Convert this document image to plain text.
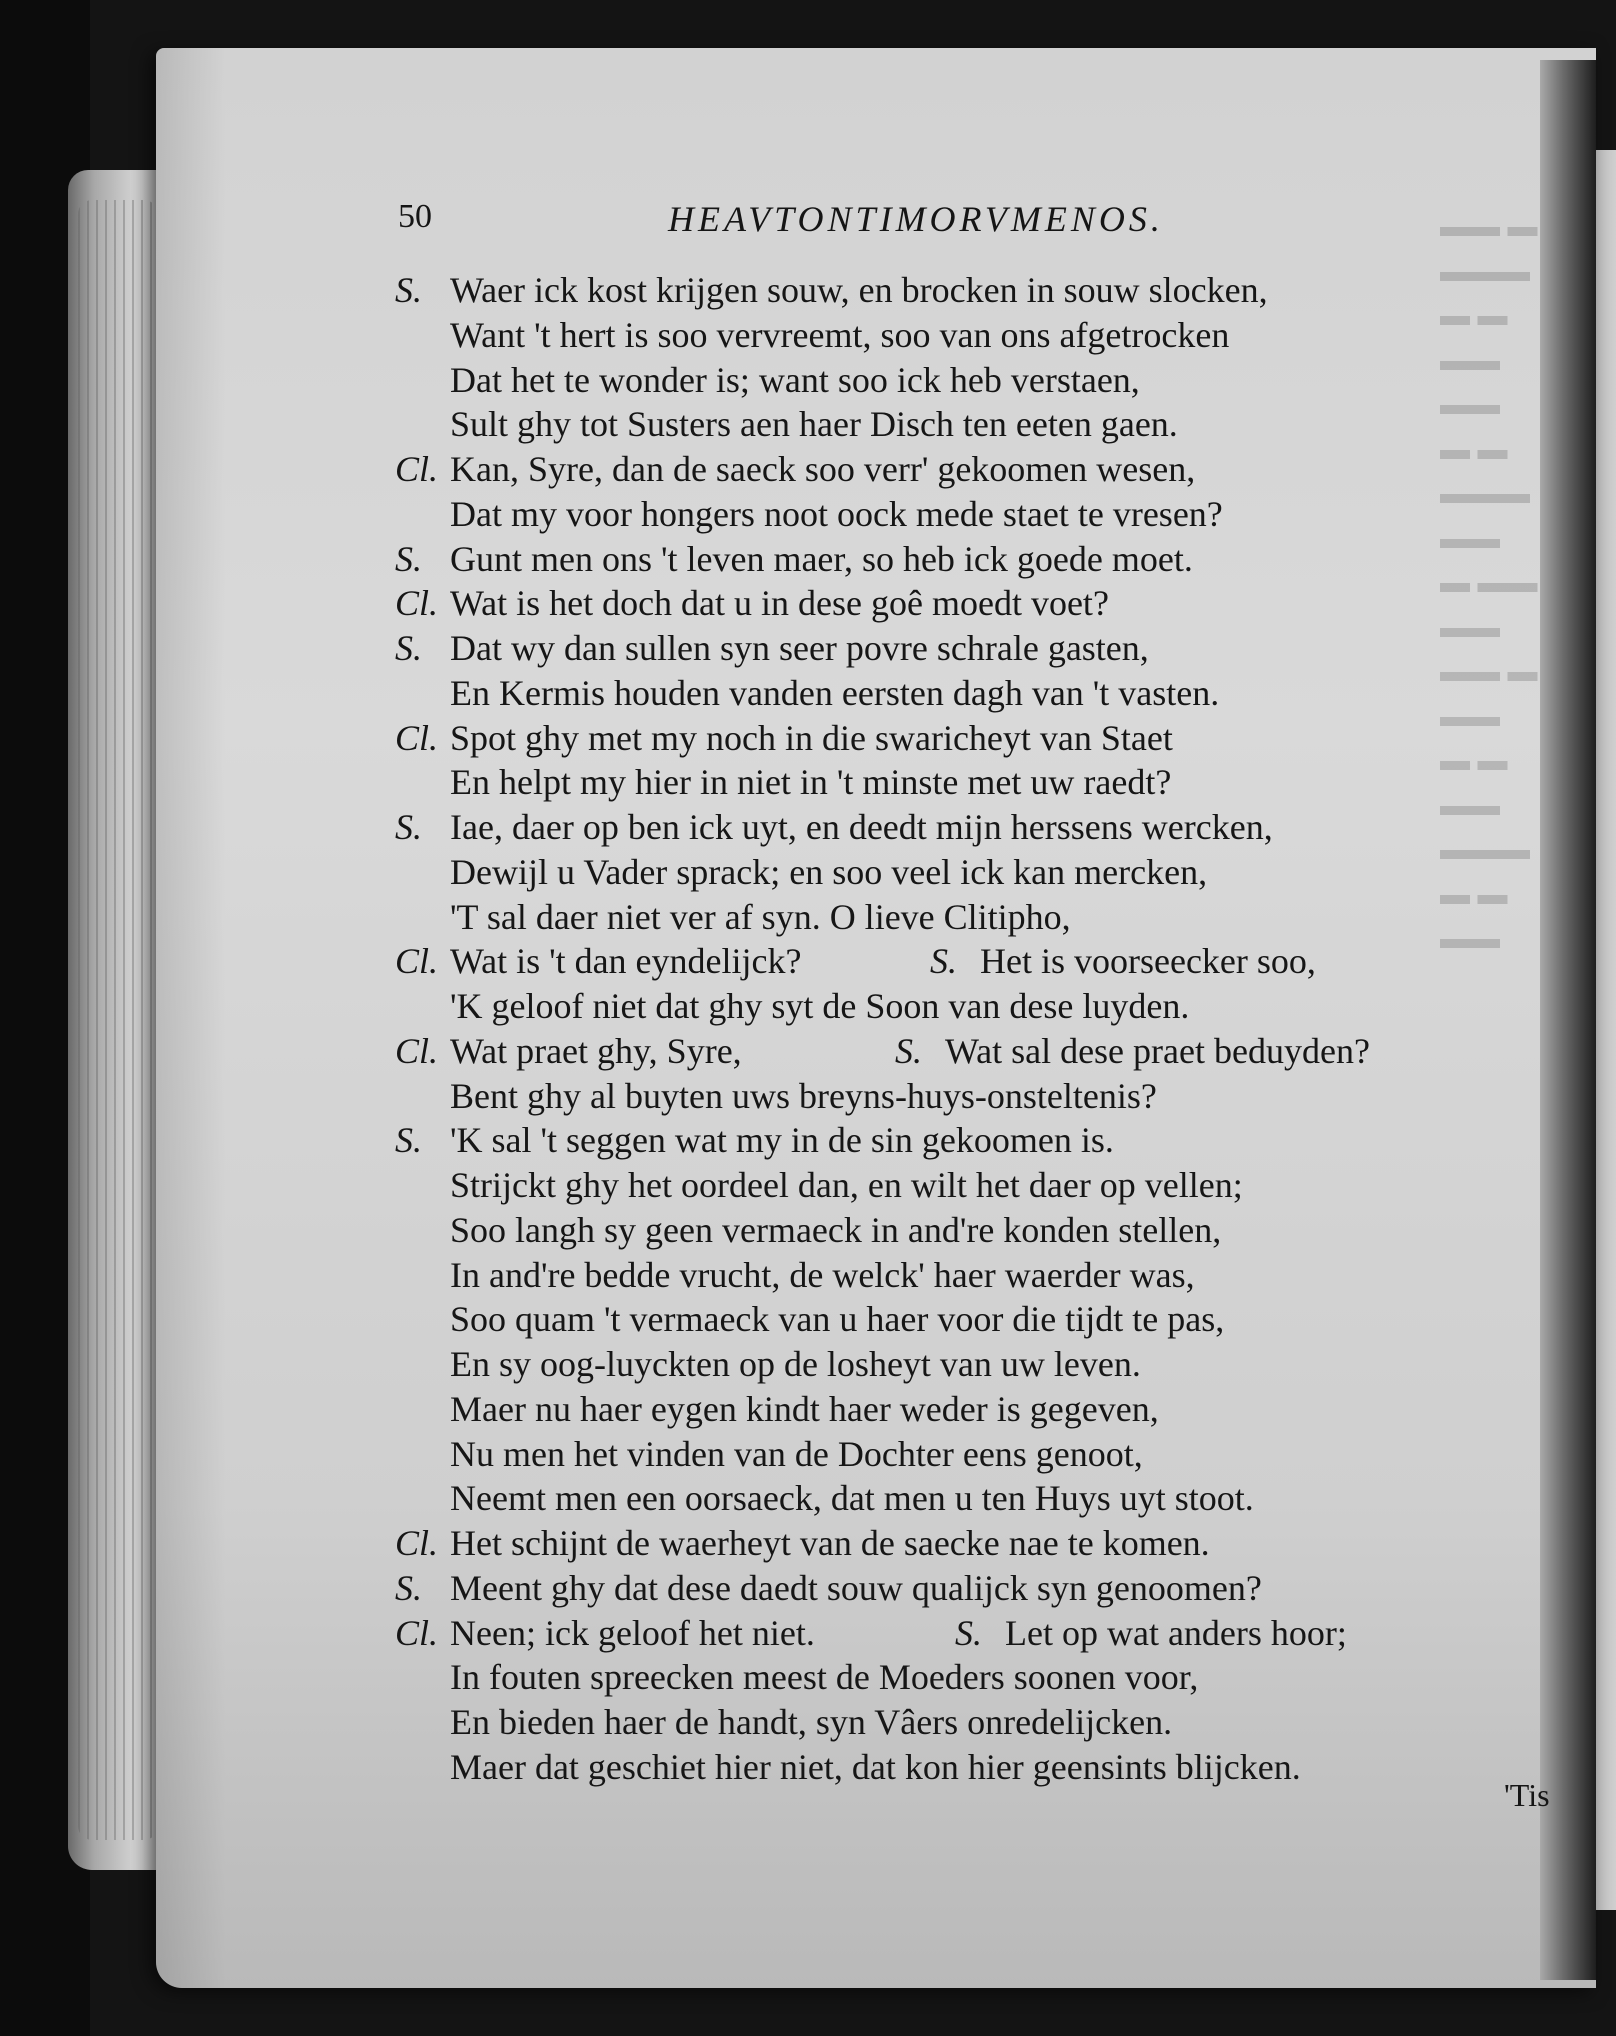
▬▬ ▬
▬▬▬
▬ ▬
▬▬
▬▬
▬ ▬
▬▬▬
▬▬
▬ ▬▬
▬▬
▬▬ ▬
▬▬
▬ ▬
▬▬
▬▬▬
▬ ▬
▬▬
50	HEAVTONTIMORVMENOS.
S. Waer ick kost krijgen souw, en brocken in souw slocken,
Want 't hert is soo vervreemt, soo van ons afgetrocken
Dat het te wonder is; want soo ick heb verstaen,
Sult ghy tot Susters aen haer Disch ten eeten gaen.
Cl. Kan, Syre, dan de saeck soo verr' gekoomen wesen,
Dat my voor hongers noot oock mede staet te vresen?
S. Gunt men ons 't leven maer, so heb ick goede moet.
Cl. Wat is het doch dat u in dese goê moedt voet?
S. Dat wy dan sullen syn seer povre schrale gasten,
En Kermis houden vanden eersten dagh van 't vasten.
Cl. Spot ghy met my noch in die swaricheyt van Staet
En helpt my hier in niet in 't minste met uw raedt?
S. Iae, daer op ben ick uyt, en deedt mijn herssens wercken,
Dewijl u Vader sprack; en soo veel ick kan mercken,
'T sal daer niet ver af syn. O lieve Clitipho,
Cl. Wat is 't dan eyndelijck?	S. Het is voorseecker soo,
'K geloof niet dat ghy syt de Soon van dese luyden.
Cl. Wat praet ghy, Syre,	S. Wat sal dese praet beduyden?
Bent ghy al buyten uws breyns-huys-onsteltenis?
S. 'K sal 't seggen wat my in de sin gekoomen is.
Strijckt ghy het oordeel dan, en wilt het daer op vellen;
Soo langh sy geen vermaeck in and're konden stellen,
In and're bedde vrucht, de welck' haer waerder was,
Soo quam 't vermaeck van u haer voor die tijdt te pas,
En sy oog-luyckten op de losheyt van uw leven.
Maer nu haer eygen kindt haer weder is gegeven,
Nu men het vinden van de Dochter eens genoot,
Neemt men een oorsaeck, dat men u ten Huys uyt stoot.
Cl. Het schijnt de waerheyt van de saecke nae te komen.
S. Meent ghy dat dese daedt souw qualijck syn genoomen?
Cl. Neen; ick geloof het niet.	S. Let op wat anders hoor;
In fouten spreecken meest de Moeders soonen voor,
En bieden haer de handt, syn Vâers onredelijcken.
Maer dat geschiet hier niet, dat kon hier geensints blijcken.
'Tis
